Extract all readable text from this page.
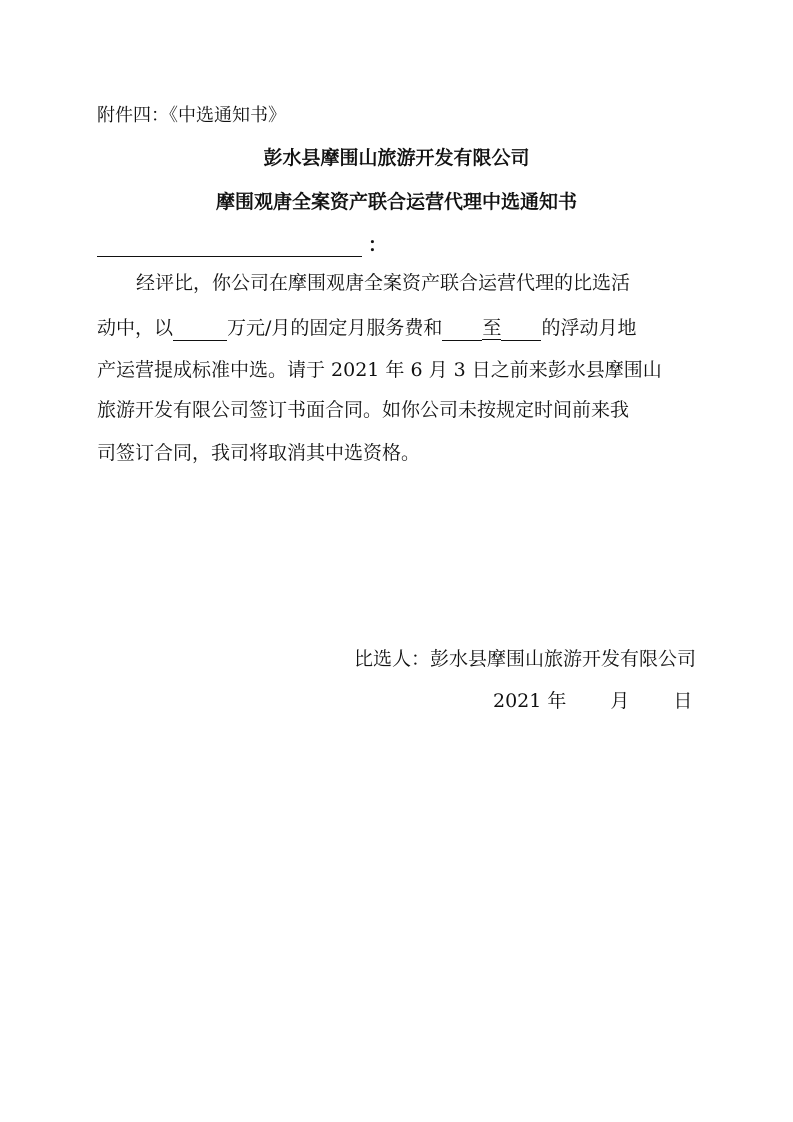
附件四：《中选通知书》
彭水县摩围山旅游开发有限公司
摩围观唐全案资产联合运营代理中选通知书
：
经评比，你公司在摩围观唐全案资产联合运营代理的比选活
动中，以	万元/月的固定月服务费和 至 的浮动月地
产运营提成标准中选。请于 2021 年 6 月 3 日之前来彭水县摩围山
旅游开发有限公司签订书面合同。如你公司未按规定时间前来我
司签订合同，我司将取消其中选资格。
比选人：彭水县摩围山旅游开发有限公司
2021 年 月 日
